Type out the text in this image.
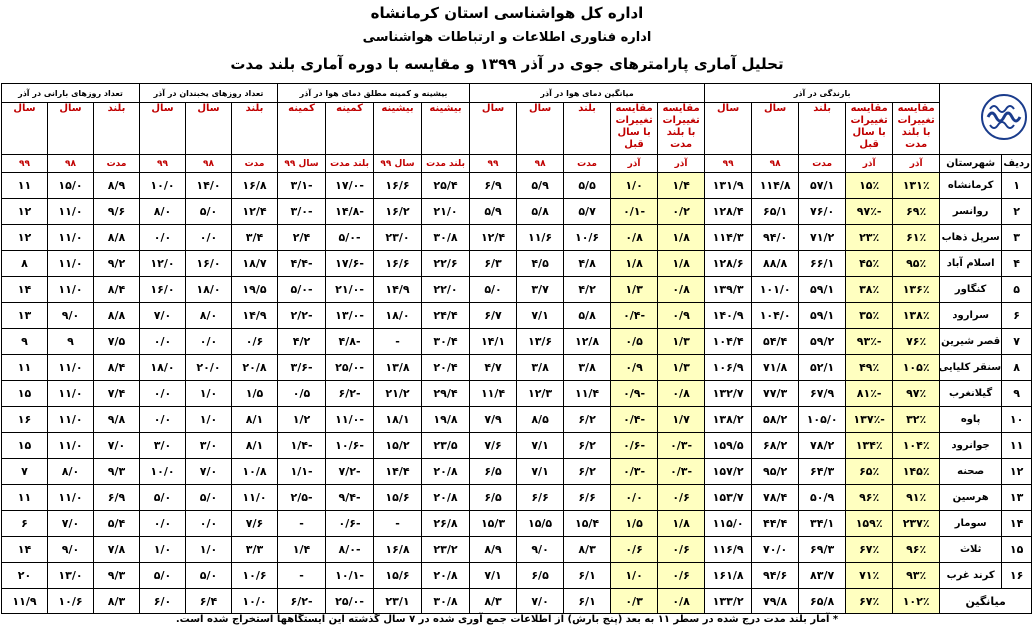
اداره کل هواشناسی استان کرمانشاه
اداره فناوری اطلاعات و ارتباطات هواشناسی
تحلیل آماری پارامترهای جوی در آذر ۱۳۹۹ و مقایسه با دوره آماری بلند مدت
	بارندگی در آذر					میانگین دمای هوا در آذر					بیشینه و کمینه مطلق دمای هوا در آذر				تعداد روزهای یخبندان در آذر			تعداد روزهای بارانی در آذر		
		مقایسه تغییرات با بلند مدت	مقایسه تغییرات با سال قبل	بلند	سال	سال	مقایسه تغییرات با بلند مدت	مقایسه تغییرات با سال قبل	بلند	سال	سال	بیشینه	بیشینه	کمینه	کمینه	بلند	سال	سال	بلند	سال	سال
ردیف	شهرستان	آذر	آذر	مدت	۹۸	۹۹	آذر	آذر	مدت	۹۸	۹۹	بلند مدت	سال ۹۹	بلند مدت	سال ۹۹	مدت	۹۸	۹۹	مدت	۹۸	۹۹
۱	کرمانشاه	۱۳۱٪	۱۵٪	۵۷/۱	۱۱۴/۸	۱۳۱/۹	۱/۴	۱/۰	۵/۵	۵/۹	۶/۹	۲۵/۴	۱۶/۶	-۱۷/۰	-۳/۱	۱۶/۸	۱۴/۰	۱۰/۰	۸/۹	۱۵/۰	۱۱
۲	روانسر	۶۹٪	-۹۷٪	۷۶/۰	۶۵/۱	۱۲۸/۴	۰/۲	-۰/۱	۵/۷	۵/۸	۵/۹	۲۱/۰	۱۶/۲	-۱۴/۸	-۳/۰	۱۲/۴	۵/۰	۸/۰	۹/۶	۱۱/۰	۱۲
۳	سرپل ذهاب	۶۱٪	۲۳٪	۷۱/۲	۹۴/۰	۱۱۴/۳	۱/۸	۰/۸	۱۰/۶	۱۱/۶	۱۲/۴	۳۰/۸	۲۳/۰	-۵/۰	۲/۴	۳/۴	۰/۰	۰/۰	۸/۸	۱۱/۰	۱۲
۴	اسلام آباد	۹۵٪	۴۵٪	۶۶/۱	۸۸/۸	۱۲۸/۶	۱/۸	۱/۸	۴/۸	۴/۵	۶/۳	۲۲/۶	۱۶/۶	-۱۷/۶	-۴/۴	۱۸/۷	۱۶/۰	۱۲/۰	۹/۲	۱۱/۰	۸
۵	کنگاور	۱۳۶٪	۳۸٪	۵۹/۱	۱۰۱/۰	۱۳۹/۳	۰/۸	۱/۳	۴/۲	۳/۷	۵/۰	۲۲/۰	۱۴/۹	-۲۱/۰	-۵/۰	۱۹/۵	۱۸/۰	۱۶/۰	۸/۴	۱۱/۰	۱۴
۶	سرارود	۱۳۸٪	۳۵٪	۵۹/۱	۱۰۴/۰	۱۴۰/۹	۰/۹	-۰/۴	۵/۸	۷/۱	۶/۷	۲۴/۴	۱۸/۰	-۱۳/۰	-۲/۲	۱۴/۹	۸/۰	۷/۰	۸/۸	۹/۰	۱۳
۷	قصر شیرین	۷۶٪	-۹۳٪	۵۹/۲	۵۴/۴	۱۰۴/۴	۱/۳	۰/۵	۱۲/۸	۱۳/۶	۱۴/۱	۳۰/۴	-	-۴/۸	۴/۲	۰/۶	۰/۰	۰/۰	۷/۵	۹	۹
۸	سنقر کلیایی	۱۰۵٪	۴۹٪	۵۲/۱	۷۱/۸	۱۰۶/۹	۱/۳	۰/۹	۳/۸	۳/۸	۴/۷	۲۰/۴	۱۳/۸	-۲۵/۰	-۳/۶	۲۰/۸	۲۰/۰	۱۸/۰	۸/۴	۱۱/۰	۱۱
۹	گیلانغرب	۹۷٪	-۸۱٪	۶۷/۹	۷۷/۳	۱۳۲/۷	۰/۸	-۰/۹	۱۱/۴	۱۲/۳	۱۱/۴	۲۹/۴	۲۱/۲	-۶/۲	۰/۵	۱/۵	۱/۰	۰/۰	۷/۴	۱۱/۰	۱۵
۱۰	پاوه	۳۲٪	-۱۳۷٪	۱۰۵/۰	۵۸/۲	۱۳۸/۲	۱/۷	-۰/۴	۶/۲	۸/۵	۷/۹	۱۹/۸	۱۸/۱	-۱۱/۰	۱/۲	۸/۱	۱/۰	۰/۰	۹/۸	۱۱/۰	۱۶
۱۱	جوانرود	۱۰۴٪	۱۳۴٪	۷۸/۲	۶۸/۲	۱۵۹/۵	-۰/۳	-۰/۶	۶/۲	۷/۱	۷/۶	۲۳/۵	۱۵/۲	-۱۰/۶	-۱/۴	۸/۱	۳/۰	۳/۰	۷/۰	۱۱/۰	۱۵
۱۲	صحنه	۱۴۵٪	۶۵٪	۶۴/۳	۹۵/۲	۱۵۷/۲	-۰/۳	-۰/۳	۶/۲	۷/۱	۶/۵	۲۰/۸	۱۴/۴	-۷/۲	-۱/۱	۱۰/۸	۷/۰	۱۰/۰	۹/۳	۸/۰	۷
۱۳	هرسین	۹۱٪	۹۶٪	۵۰/۹	۷۸/۴	۱۵۳/۷	۰/۶	۰/۰	۶/۶	۶/۶	۶/۵	۲۰/۸	۱۵/۶	-۹/۴	-۲/۵	۱۱/۰	۵/۰	۵/۰	۶/۹	۱۱/۰	۱۱
۱۴	سومار	۲۳۷٪	۱۵۹٪	۳۴/۱	۴۴/۴	۱۱۵/۰	۱/۸	۱/۵	۱۵/۴	۱۵/۵	۱۵/۳	۲۶/۸	-	-۰/۶	-	۷/۶	۰/۰	۰/۰	۵/۴	۷/۰	۶
۱۵	ثلاث	۹۶٪	۶۷٪	۶۹/۳	۷۰/۰	۱۱۶/۹	۰/۶	۰/۶	۸/۳	۹/۰	۸/۹	۲۳/۲	۱۶/۸	-۸/۰	۱/۴	۳/۳	۱/۰	۱/۰	۷/۸	۹/۰	۱۴
۱۶	کرند غرب	۹۳٪	۷۱٪	۸۳/۷	۹۴/۶	۱۶۱/۸	۰/۶	۱/۰	۶/۱	۶/۵	۷/۱	۲۰/۸	۱۵/۶	-۱۰/۱	-	۱۰/۶	۵/۰	۵/۰	۹/۳	۱۳/۰	۲۰
میانگین		۱۰۲٪	۶۷٪	۶۵/۸	۷۹/۸	۱۳۳/۲	۰/۸	۰/۳	۶/۱	۷/۰	۸/۳	۳۰/۸	۲۳/۱	-۲۵/۰	-۶/۲	۱۰/۰	۶/۴	۶/۰	۸/۳	۱۰/۶	۱۱/۹
* آمار بلند مدت درج شده در سطر ۱۱ به بعد (پنج بارش) از اطلاعات جمع آوری شده در ۷ سال گذشته این ایستگاهها استخراج شده است.
